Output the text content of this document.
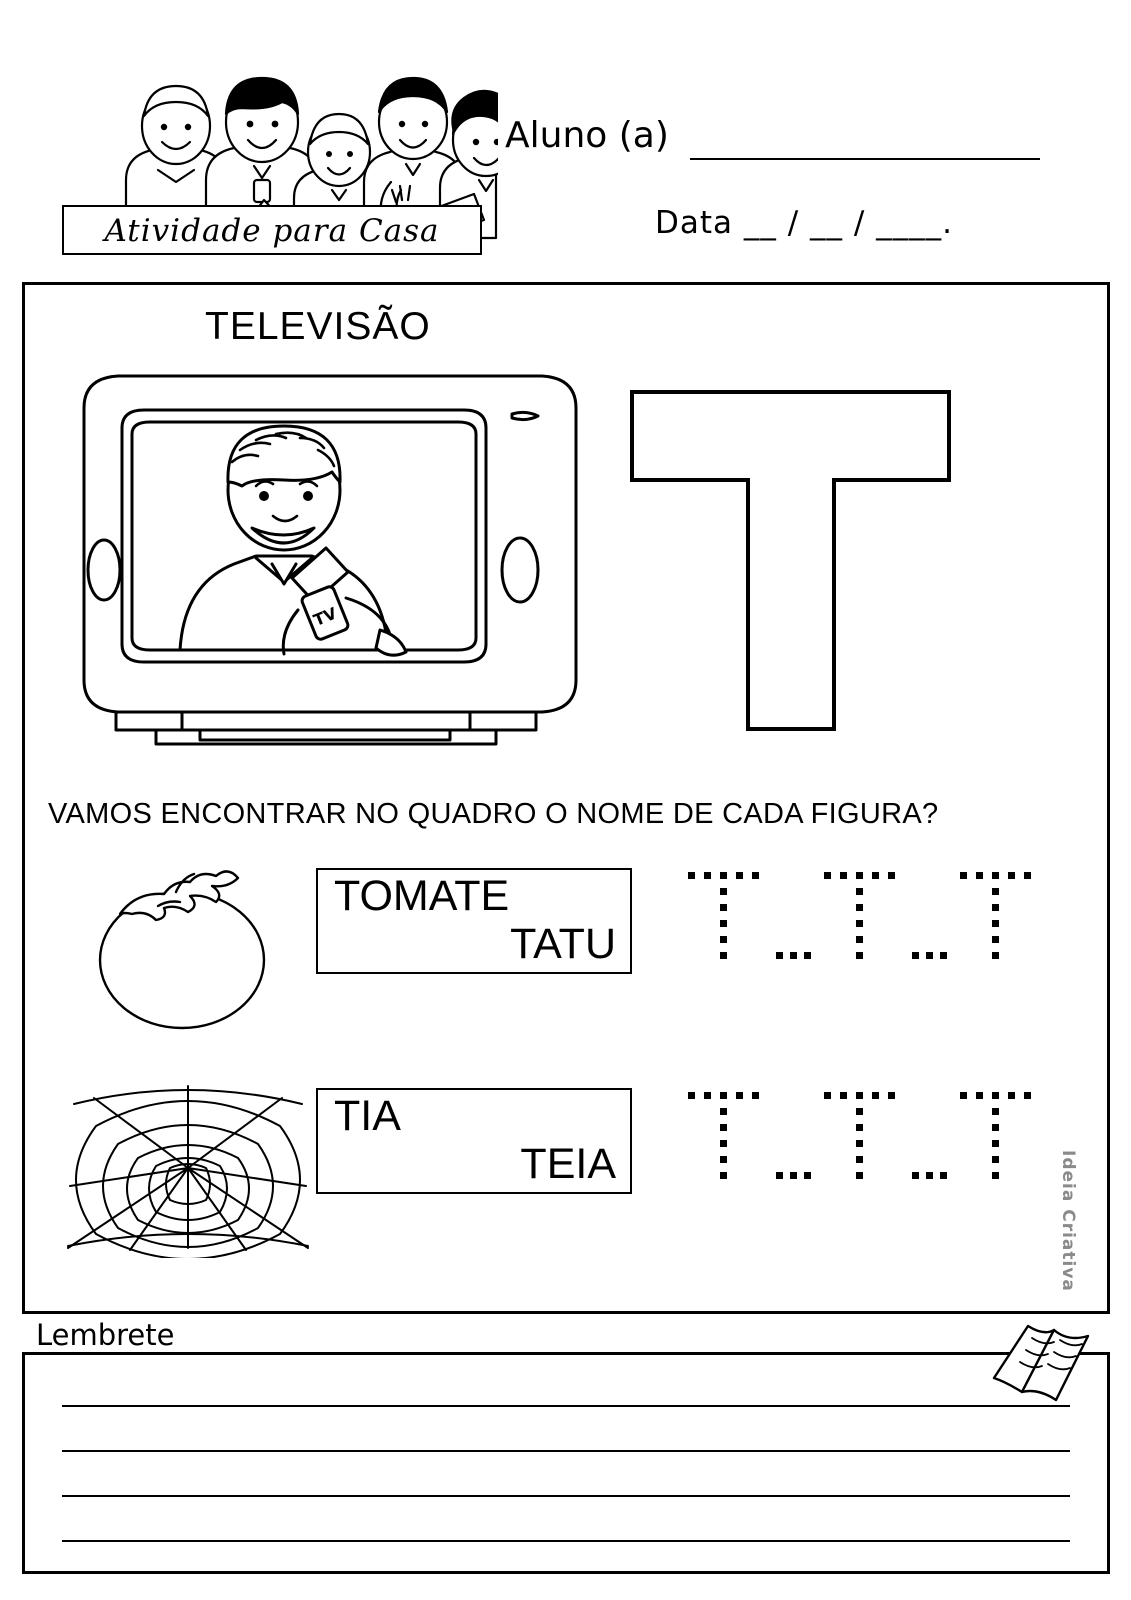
Atividade para Casa
Aluno (a)
Data __ / __ / ____.
TELEVISÃO
TV
VAMOS ENCONTRAR NO QUADRO O NOME DE CADA FIGURA?
TOMATE
TATU
TIA
TEIA	Ideia Criativa
Lembrete
